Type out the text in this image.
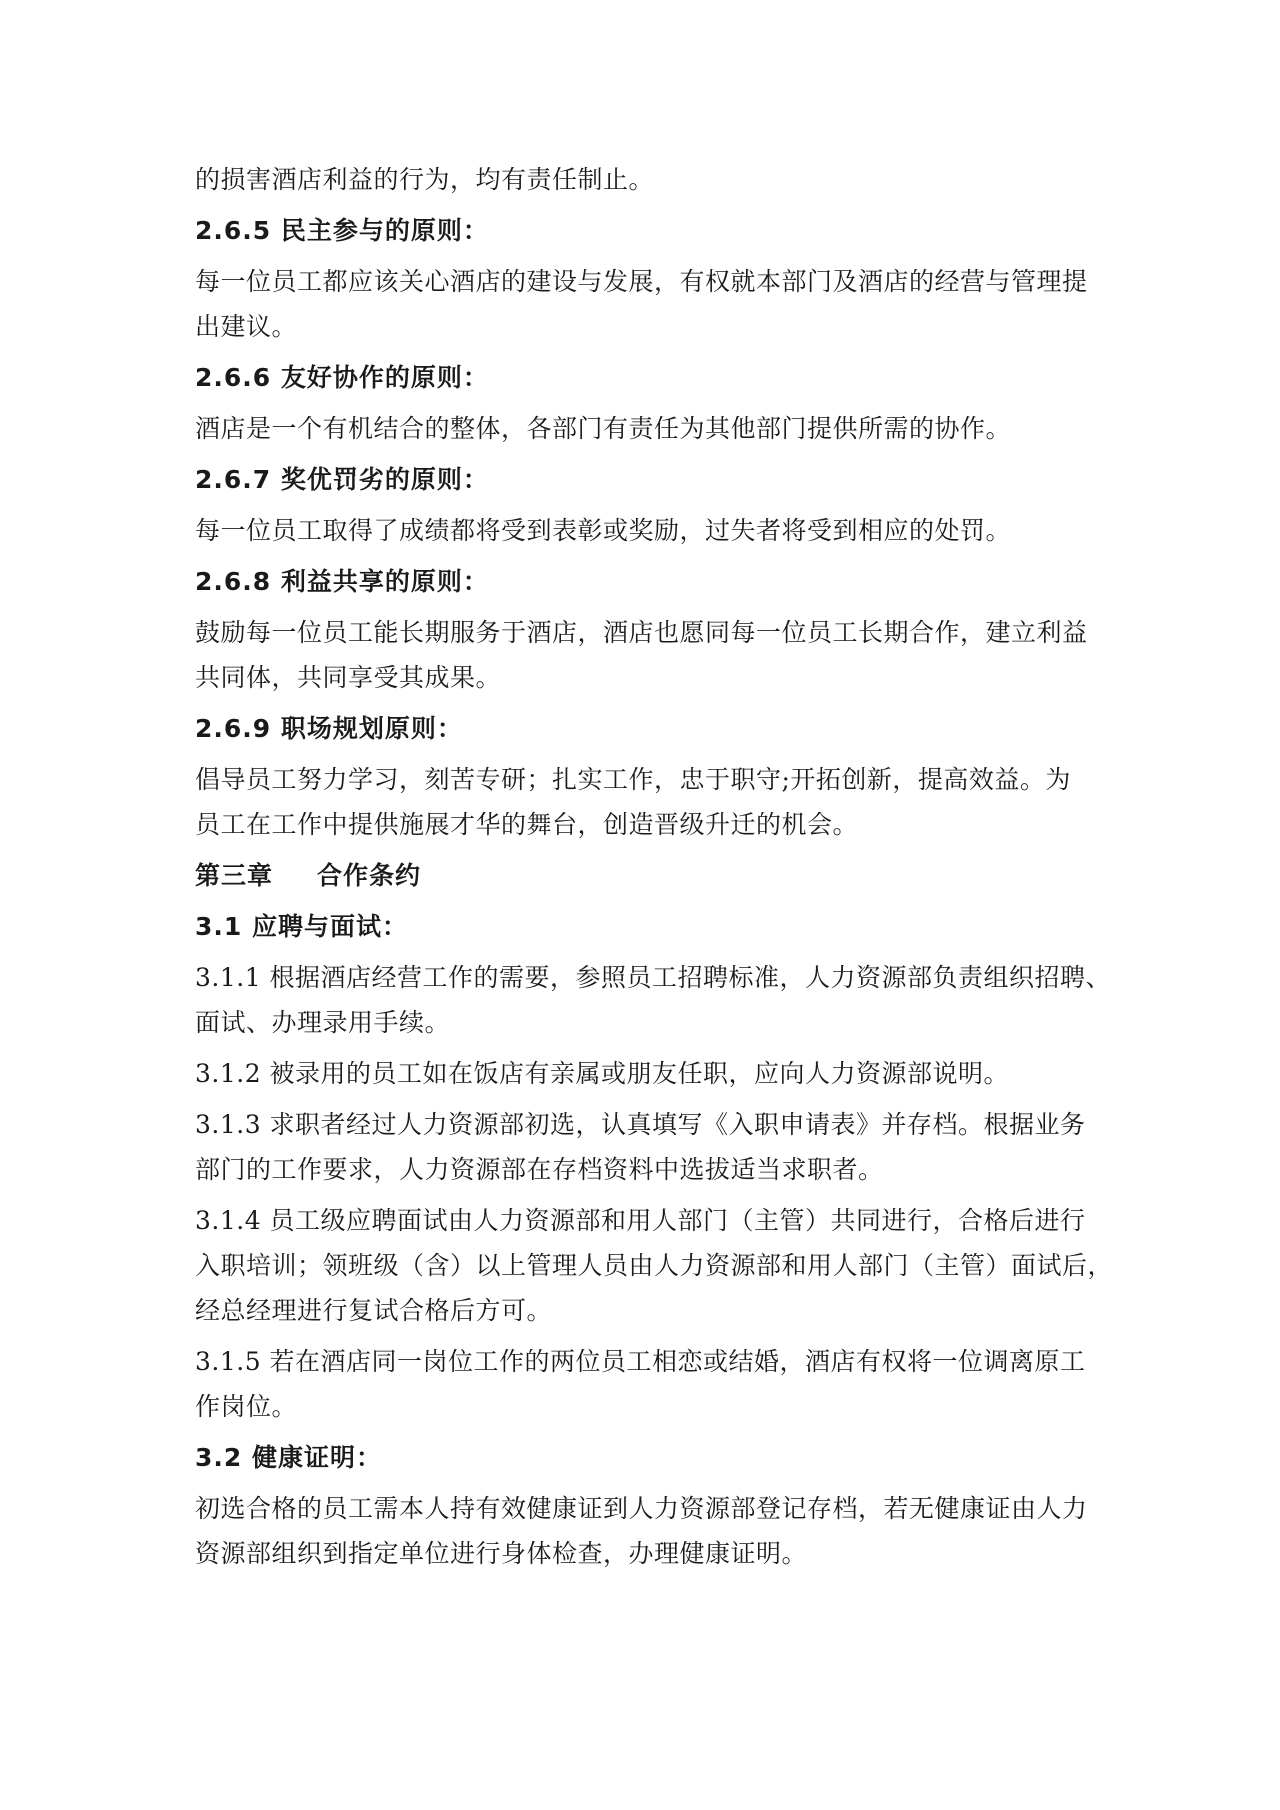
的损害酒店利益的行为，均有责任制止。

2.6.5 民主参与的原则：

每一位员工都应该关心酒店的建设与发展，有权就本部门及酒店的经营与管理提

出建议。

2.6.6 友好协作的原则：

酒店是一个有机结合的整体，各部门有责任为其他部门提供所需的协作。

2.6.7 奖优罚劣的原则：

每一位员工取得了成绩都将受到表彰或奖励，过失者将受到相应的处罚。

2.6.8 利益共享的原则：

鼓励每一位员工能长期服务于酒店，酒店也愿同每一位员工长期合作，建立利益

共同体，共同享受其成果。

2.6.9 职场规划原则：

倡导员工努力学习，刻苦专研；扎实工作，忠于职守;开拓创新，提高效益。为

员工在工作中提供施展才华的舞台，创造晋级升迁的机会。

第三章 合作条约

3.1 应聘与面试：

3.1.1 根据酒店经营工作的需要，参照员工招聘标准，人力资源部负责组织招聘、

面试、办理录用手续。

3.1.2 被录用的员工如在饭店有亲属或朋友任职，应向人力资源部说明。

3.1.3 求职者经过人力资源部初选，认真填写《入职申请表》并存档。根据业务

部门的工作要求，人力资源部在存档资料中选拔适当求职者。

3.1.4 员工级应聘面试由人力资源部和用人部门（主管）共同进行，合格后进行

入职培训；领班级（含）以上管理人员由人力资源部和用人部门（主管）面试后，

经总经理进行复试合格后方可。

3.1.5 若在酒店同一岗位工作的两位员工相恋或结婚，酒店有权将一位调离原工

作岗位。

3.2 健康证明：

初选合格的员工需本人持有效健康证到人力资源部登记存档，若无健康证由人力

资源部组织到指定单位进行身体检查，办理健康证明。
